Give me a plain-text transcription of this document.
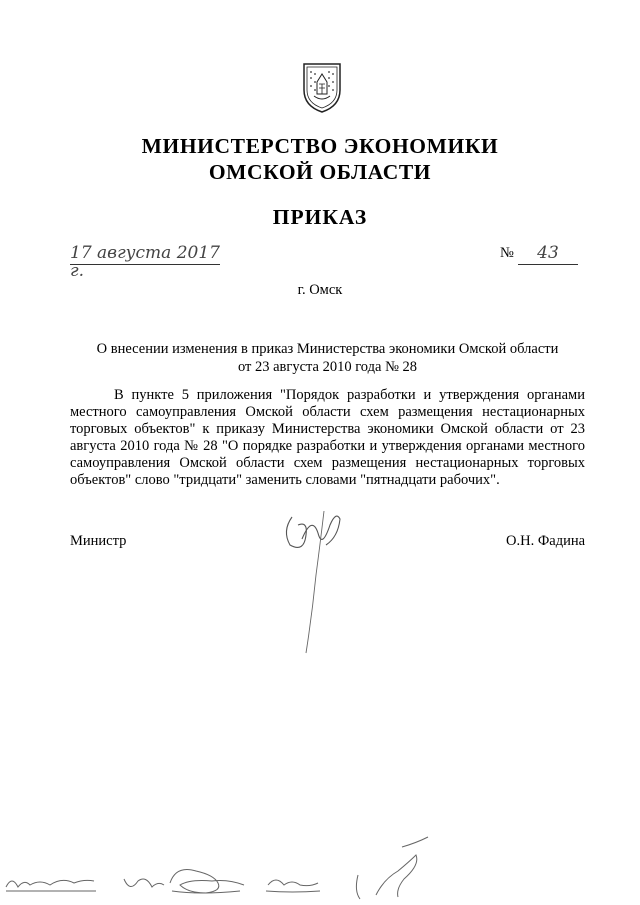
МИНИСТЕРСТВО ЭКОНОМИКИ
ОМСКОЙ ОБЛАСТИ
ПРИКАЗ
17 августа 2017 г.
№	43
г. Омск
О внесении изменения в приказ Министерства экономики Омской области
от 23 августа 2010 года № 28
В пункте 5 приложения "Порядок разработки и утверждения органами местного самоуправления Омской области схем размещения нестационарных торговых объектов" к приказу Министерства экономики Омской области от 23 августа 2010 года № 28 "О порядке разработки и утверждения органами местного самоуправления Омской области схем размещения нестационарных торговых объектов" слово "тридцати" заменить словами "пятнадцати рабочих".
Министр	О.Н. Фадина
